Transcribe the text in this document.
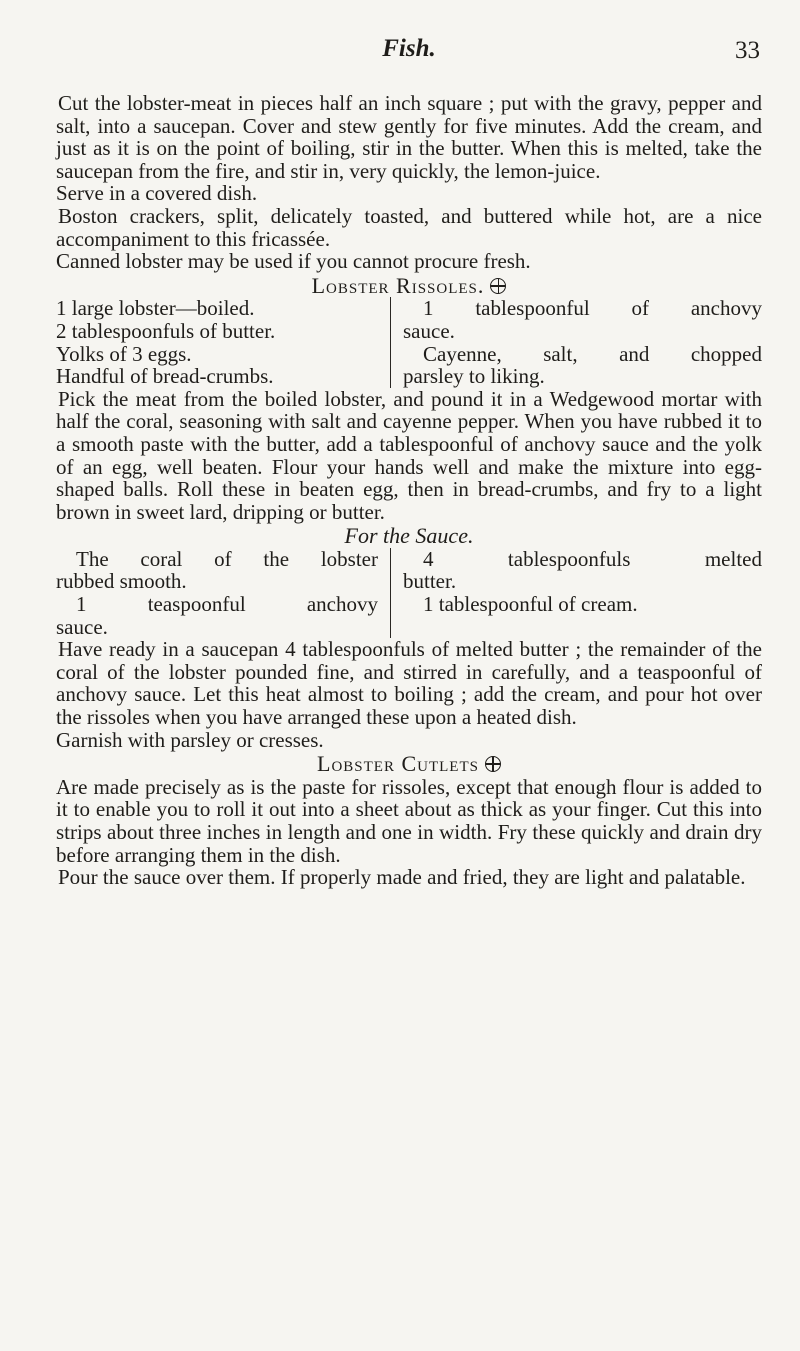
Fish.	33

Cut the lobster-meat in pieces half an inch square ; put with the gravy, pepper and salt, into a saucepan. Cover and stew gently for five minutes. Add the cream, and just as it is on the point of boiling, stir in the butter. When this is melted, take the saucepan from the fire, and stir in, very quickly, the lemon-juice.

Serve in a covered dish.

Boston crackers, split, delicately toasted, and buttered while hot, are a nice accompaniment to this fricassée.

Canned lobster may be used if you cannot procure fresh.

Lobster Rissoles.
1 large lobster—boiled.
2 tablespoonfuls of butter.
Yolks of 3 eggs.
Handful of bread-crumbs.
1 tablespoonful of anchovy
sauce.
Cayenne, salt, and chopped
parsley to liking.

Pick the meat from the boiled lobster, and pound it in a Wedgewood mortar with half the coral, seasoning with salt and cayenne pepper. When you have rubbed it to a smooth paste with the butter, add a tablespoonful of anchovy sauce and the yolk of an egg, well beaten. Flour your hands well and make the mixture into egg-shaped balls. Roll these in beaten egg, then in bread-crumbs, and fry to a light brown in sweet lard, dripping or butter.

For the Sauce.
The coral of the lobster
rubbed smooth.
1 teaspoonful anchovy
sauce.
4 tablespoonfuls melted
butter.
1 tablespoonful of cream.

Have ready in a saucepan 4 tablespoonfuls of melted butter ; the remainder of the coral of the lobster pounded fine, and stirred in carefully, and a teaspoonful of anchovy sauce. Let this heat almost to boiling ; add the cream, and pour hot over the rissoles when you have arranged these upon a heated dish.

Garnish with parsley or cresses.

Lobster Cutlets

Are made precisely as is the paste for rissoles, except that enough flour is added to it to enable you to roll it out into a sheet about as thick as your finger. Cut this into strips about three inches in length and one in width. Fry these quickly and drain dry before arranging them in the dish.

Pour the sauce over them. If properly made and fried, they are light and palatable.
